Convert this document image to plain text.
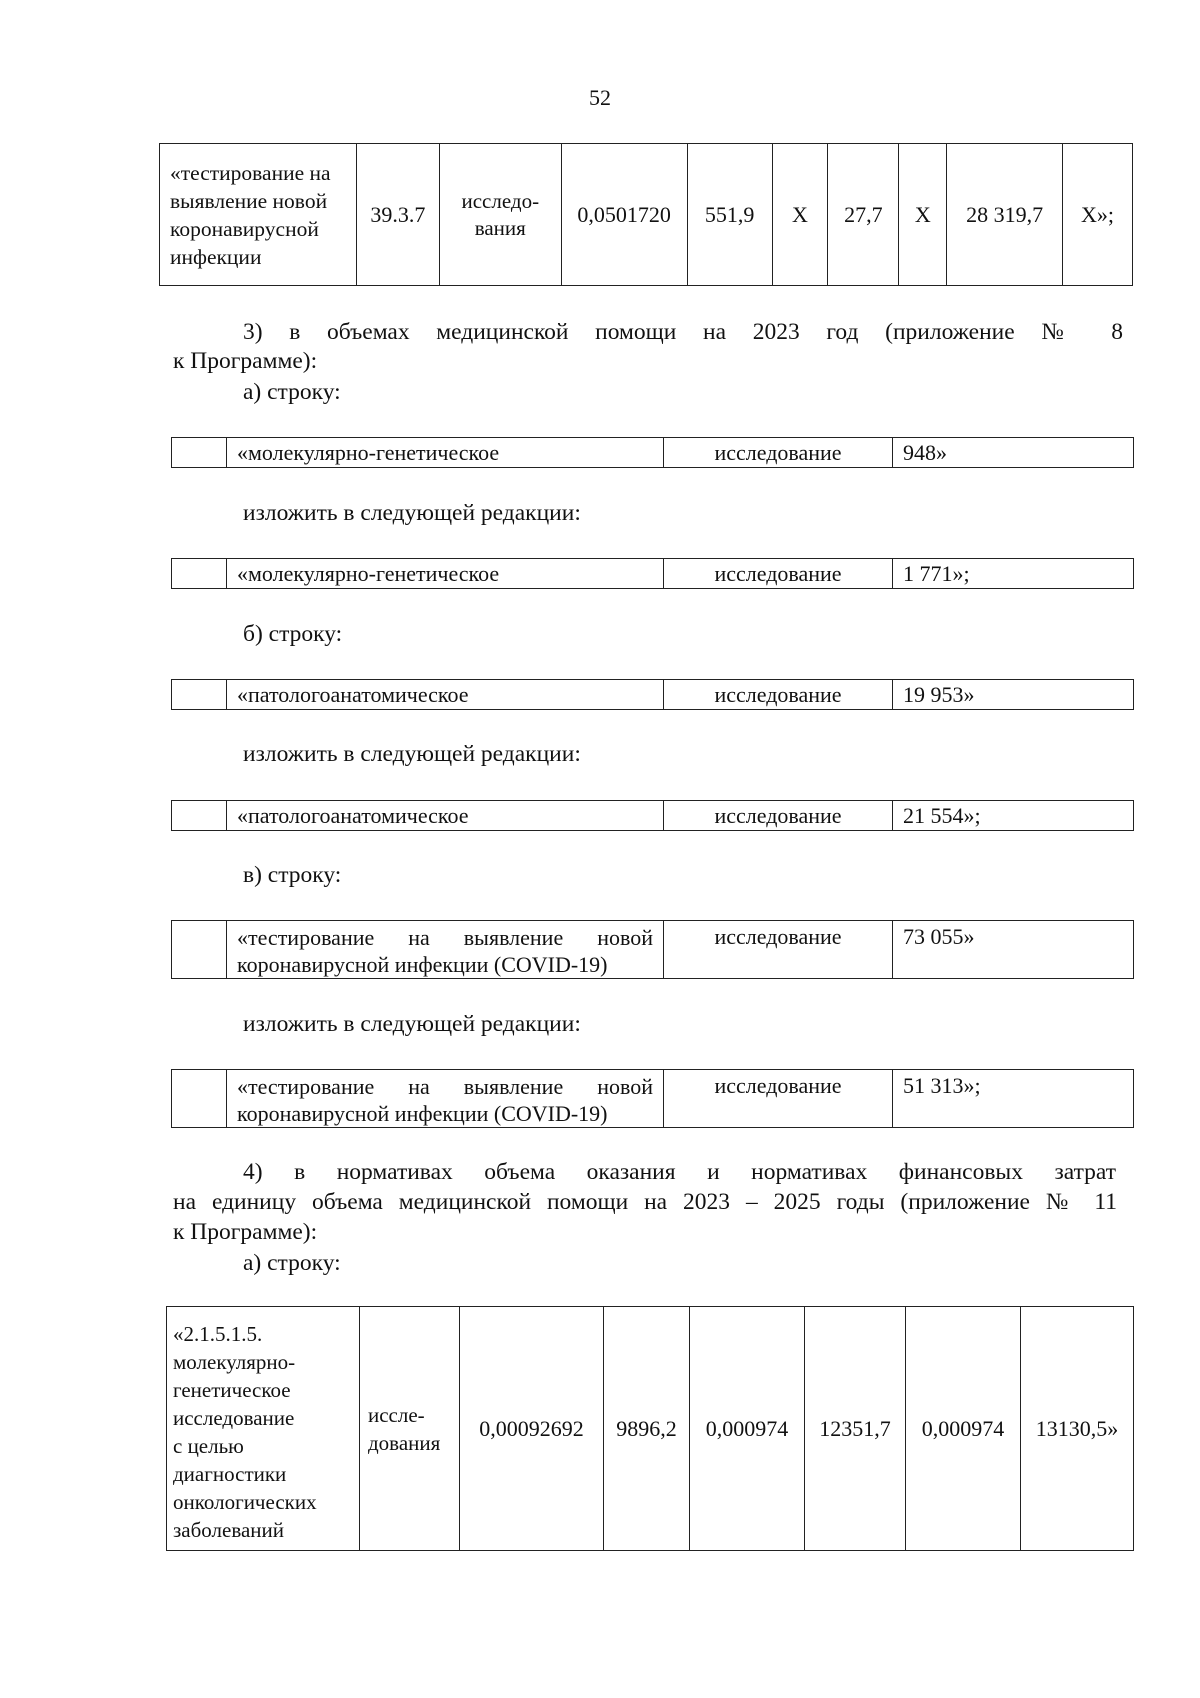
52
«тестирование на выявление новой коронавирусной инфекции	39.3.7	исследо-вания	0,0501720	551,9	Х	27,7	Х	28 319,7	Х»;
3) в объемах медицинской помощи на 2023 год (приложение № 8
к Программе):
а) строку:
	«молекулярно-генетическое	исследование	948»
изложить в следующей редакции:
	«молекулярно-генетическое	исследование	1 771»;
б) строку:
	«патологоанатомическое	исследование	19 953»
изложить в следующей редакции:
	«патологоанатомическое	исследование	21 554»;
в) строку:

«тестирование на выявление новой
коронавирусной инфекции (COVID-19)	исследование	73 055»
изложить в следующей редакции:

«тестирование на выявление новой
коронавирусной инфекции (COVID-19)	исследование	51 313»;
4) в нормативах объема оказания и нормативах финансовых затрат
на единицу объема медицинской помощи на 2023 – 2025 годы (приложение № 11
к Программе):
а) строку:
«2.1.5.1.5.
молекулярно-
генетическое
исследование
с целью
диагностики
онкологических
заболеваний
	иссле-дования	0,00092692	9896,2	0,000974	12351,7	0,000974	13130,5»
